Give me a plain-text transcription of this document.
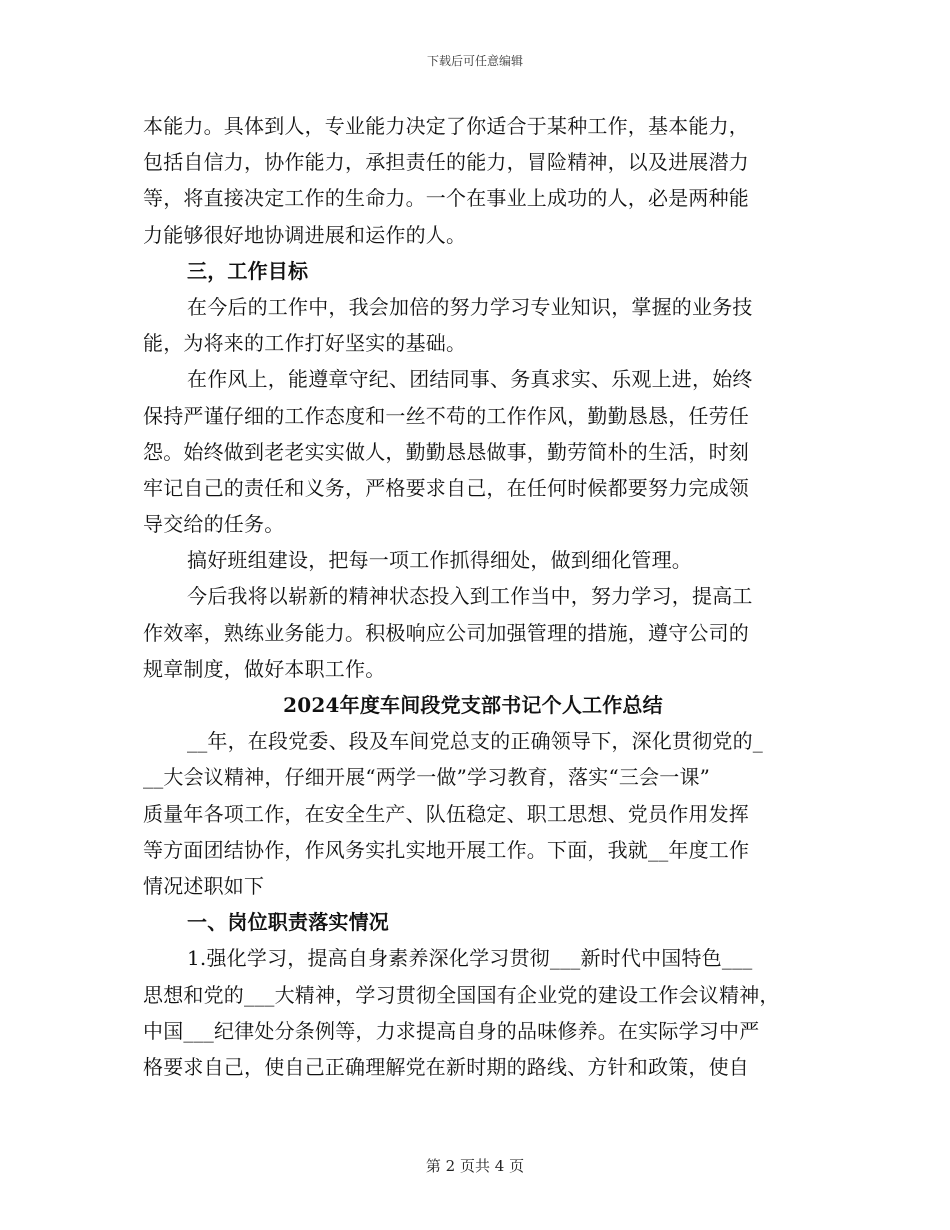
下载后可任意编辑
本能力。具体到人，专业能力决定了你适合于某种工作，基本能力，
包括自信力，协作能力，承担责任的能力，冒险精神，以及进展潜力
等，将直接决定工作的生命力。一个在事业上成功的人，必是两种能
力能够很好地协调进展和运作的人。
三，工作目标
在今后的工作中，我会加倍的努力学习专业知识，掌握的业务技
能，为将来的工作打好坚实的基础。
在作风上，能遵章守纪、团结同事、务真求实、乐观上进，始终
保持严谨仔细的工作态度和一丝不苟的工作作风，勤勤恳恳，任劳任
怨。始终做到老老实实做人，勤勤恳恳做事，勤劳简朴的生活，时刻
牢记自己的责任和义务，严格要求自己，在任何时候都要努力完成领
导交给的任务。
搞好班组建设，把每一项工作抓得细处，做到细化管理。
今后我将以崭新的精神状态投入到工作当中，努力学习，提高工
作效率，熟练业务能力。积极响应公司加强管理的措施，遵守公司的
规章制度，做好本职工作。
2024年度车间段党支部书记个人工作总结
__年，在段党委、段及车间党总支的正确领导下，深化贯彻党的_
__大会议精神，仔细开展“两学一做”学习教育，落实“三会一课”
质量年各项工作，在安全生产、队伍稳定、职工思想、党员作用发挥
等方面团结协作，作风务实扎实地开展工作。下面，我就__年度工作
情况述职如下
一、岗位职责落实情况
1.强化学习，提高自身素养深化学习贯彻___新时代中国特色___
思想和党的___大精神，学习贯彻全国国有企业党的建设工作会议精神，
中国___纪律处分条例等，力求提高自身的品味修养。在实际学习中严
格要求自己，使自己正确理解党在新时期的路线、方针和政策，使自
第 2 页共 4 页
